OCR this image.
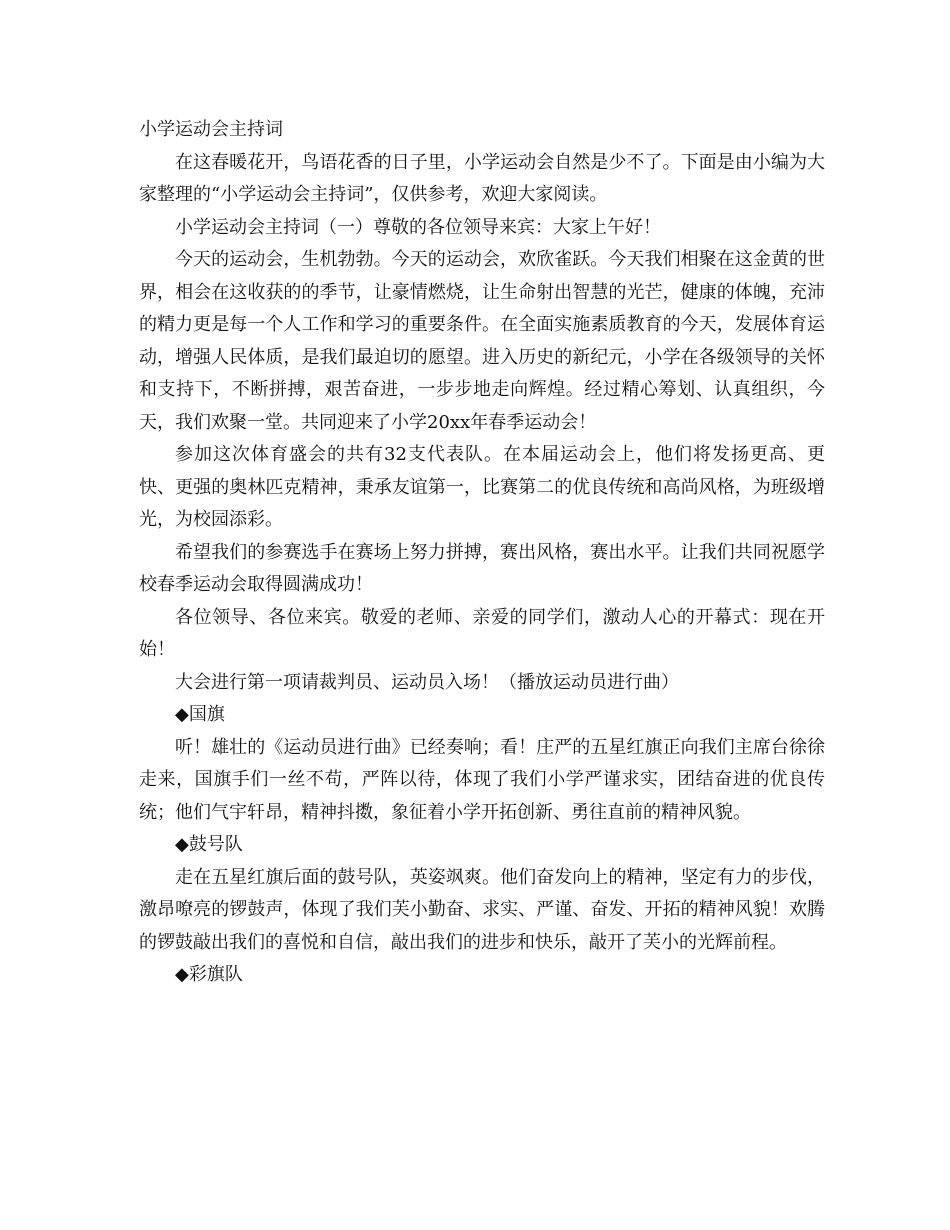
小学运动会主持词

在这春暖花开，鸟语花香的日子里，小学运动会自然是少不了。下面是由小编为大家整理的“小学运动会主持词”，仅供参考，欢迎大家阅读。

小学运动会主持词（一）尊敬的各位领导来宾：大家上午好！

今天的运动会，生机勃勃。今天的运动会，欢欣雀跃。今天我们相聚在这金黄的世界，相会在这收获的的季节，让豪情燃烧，让生命射出智慧的光芒，健康的体魄，充沛的精力更是每一个人工作和学习的重要条件。在全面实施素质教育的今天，发展体育运动，增强人民体质，是我们最迫切的愿望。进入历史的新纪元，小学在各级领导的关怀和支持下，不断拼搏，艰苦奋进，一步步地走向辉煌。经过精心筹划、认真组织，今天，我们欢聚一堂。共同迎来了小学20xx年春季运动会！

参加这次体育盛会的共有32支代表队。在本届运动会上，他们将发扬更高、更快、更强的奥林匹克精神，秉承友谊第一，比赛第二的优良传统和高尚风格，为班级增光，为校园添彩。

希望我们的参赛选手在赛场上努力拼搏，赛出风格，赛出水平。让我们共同祝愿学校春季运动会取得圆满成功！

各位领导、各位来宾。敬爱的老师、亲爱的同学们，激动人心的开幕式：现在开始！

大会进行第一项请裁判员、运动员入场！（播放运动员进行曲）

◆国旗

听！雄壮的《运动员进行曲》已经奏响；看！庄严的五星红旗正向我们主席台徐徐走来，国旗手们一丝不苟，严阵以待，体现了我们小学严谨求实，团结奋进的优良传统；他们气宇轩昂，精神抖擞，象征着小学开拓创新、勇往直前的精神风貌。

◆鼓号队

走在五星红旗后面的鼓号队，英姿飒爽。他们奋发向上的精神，坚定有力的步伐，激昂嘹亮的锣鼓声，体现了我们芙小勤奋、求实、严谨、奋发、开拓的精神风貌！欢腾的锣鼓敲出我们的喜悦和自信，敲出我们的进步和快乐，敲开了芙小的光辉前程。

◆彩旗队
